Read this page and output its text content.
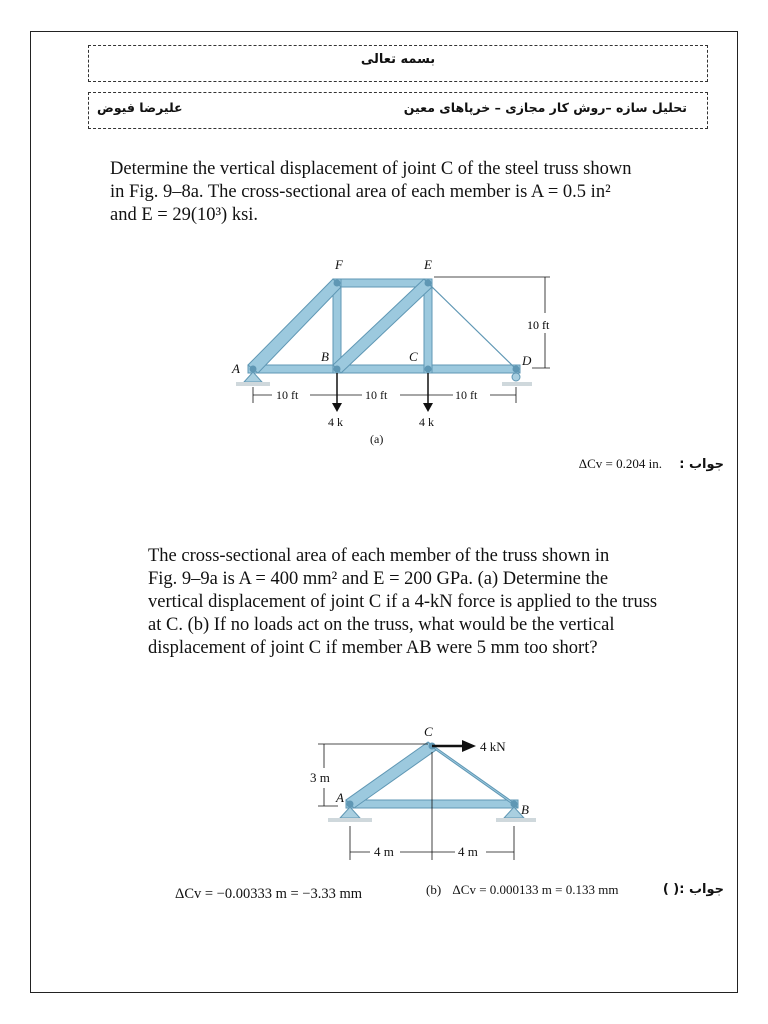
بسمه تعالی
تحلیل سازه –روش کار مجازی – خرپاهای معین
علیرضا فیوض
Determine the vertical displacement of joint C of the steel truss shown
in Fig. 9–8a. The cross-sectional area of each member is A = 0.5 in²
and E = 29(10³) ksi.
A
B	C	D
E
F
10 ft
10 ft	10 ft	10 ft
4 k	4 k
(a)
ΔCv = 0.204 in. جواب :
The cross-sectional area of each member of the truss shown in
Fig. 9–9a is A = 400 mm² and E = 200 GPa. (a) Determine the
vertical displacement of joint C if a 4-kN force is applied to the truss
at C. (b) If no loads act on the truss, what would be the vertical
displacement of joint C if member AB were 5 mm too short?
A
B
C
4 kN
3 m
4 m	4 m
ΔCv = −0.00333 m = −3.33 mm	(b) ΔCv = 0.000133 m = 0.133 mm	جواب :( )
